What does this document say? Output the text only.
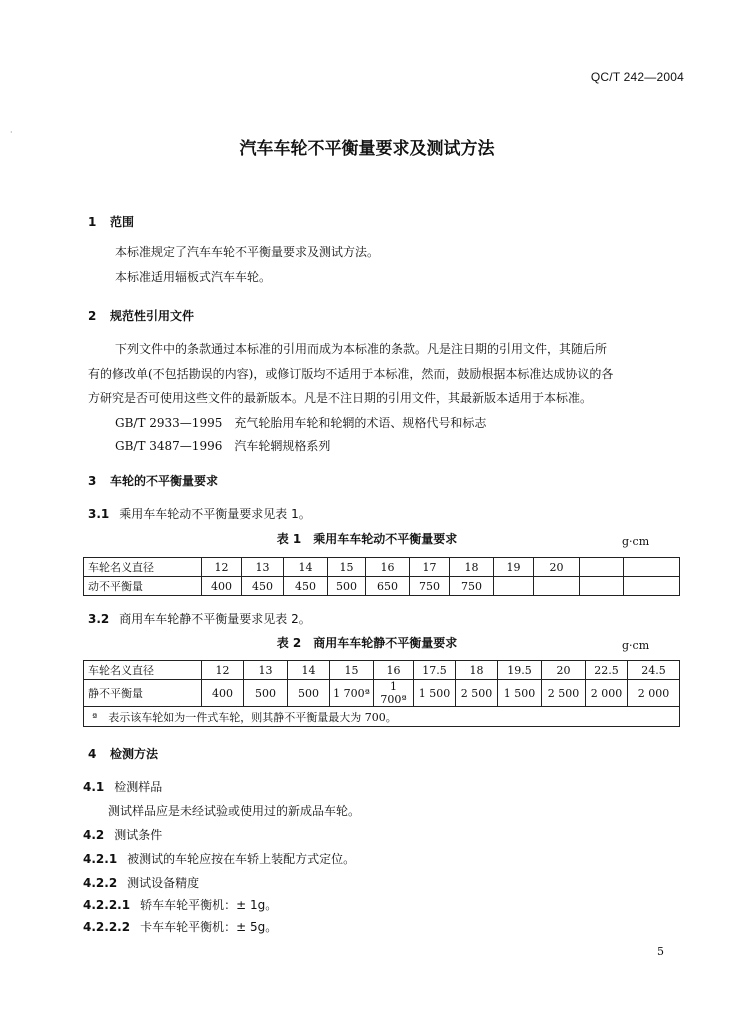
·
QC/T 242—2004
汽车车轮不平衡量要求及测试方法
1 范围
本标准规定了汽车车轮不平衡量要求及测试方法。
本标准适用辐板式汽车车轮。
2 规范性引用文件
下列文件中的条款通过本标准的引用而成为本标准的条款。凡是注日期的引用文件，其随后所
有的修改单(不包括勘误的内容)，或修订版均不适用于本标准，然而，鼓励根据本标准达成协议的各
方研究是否可使用这些文件的最新版本。凡是不注日期的引用文件，其最新版本适用于本标准。
GB/T 2933—1995　充气轮胎用车轮和轮辋的术语、规格代号和标志
GB/T 3487—1996　汽车轮辋规格系列
3 车轮的不平衡量要求
3.1 乘用车车轮动不平衡量要求见表 1。
表 1　乘用车车轮动不平衡量要求	g·cm
车轮名义直径	12	13	14	15	16	17	18	19	20		
动不平衡量	400	450	450	500	650	750	750				
3.2 商用车车轮静不平衡量要求见表 2。
表 2　商用车车轮静不平衡量要求	g·cm
车轮名义直径	12	13	14	15	16	17.5	18	19.5	20	22.5	24.5
静不平衡量	400	500	500	1 700ª	1 700ª	1 500	2 500	1 500	2 500	2 000	2 000
ª　表示该车轮如为一件式车轮，则其静不平衡量最大为 700。											
4 检测方法
4.1 检测样品
测试样品应是未经试验或使用过的新成品车轮。
4.2 测试条件
4.2.1 被测试的车轮应按在车轿上装配方式定位。
4.2.2 测试设备精度
4.2.2.1 轿车车轮平衡机：± 1g。
4.2.2.2 卡车车轮平衡机：± 5g。
5
